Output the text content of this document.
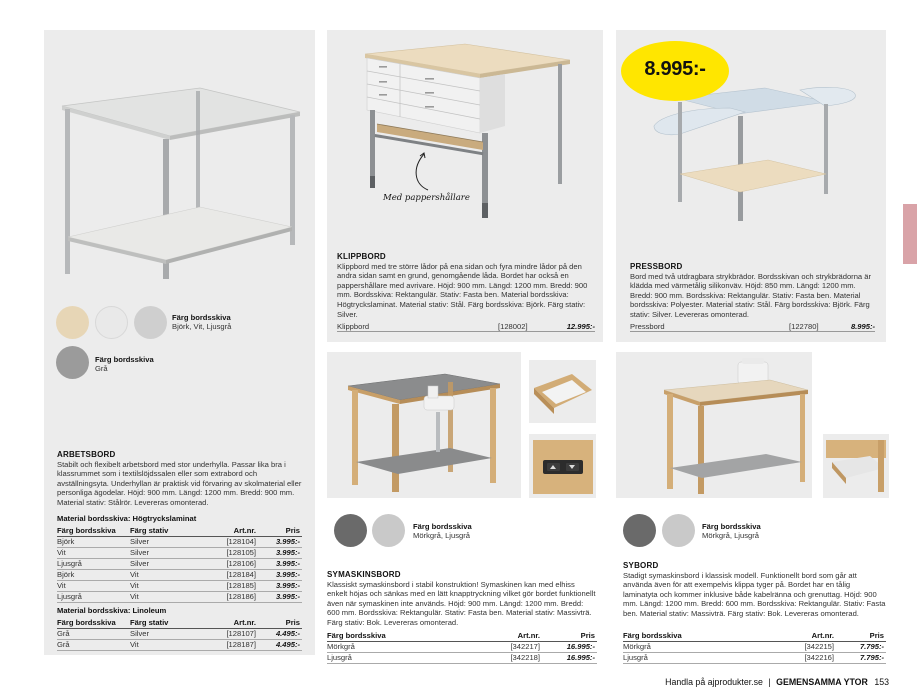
Färg bordsskiva
Björk, Vit, Ljusgrå
Färg bordsskiva
Grå
ARBETSBORD
Stabilt och flexibelt arbetsbord med stor underhylla. Passar lika bra i klassrummet som i textilslöjdssalen eller som extrabord och avställningsyta. Underhyllan är praktisk vid förvaring av skolmaterial eller personliga ägodelar. Höjd: 900 mm. Längd: 1200 mm. Bredd: 900 mm. Material stativ: Stålrör. Levereras omonterad.
Material bordsskiva: Högtryckslaminat
Färg bordsskiva	Färg stativ	Art.nr.	Pris
Björk	Silver	[128104]	3.995:-
Vit	Silver	[128105]	3.995:-
Ljusgrå	Silver	[128106]	3.995:-
Björk	Vit	[128184]	3.995:-
Vit	Vit	[128185]	3.995:-
Ljusgrå	Vit	[128186]	3.995:-
Material bordsskiva: Linoleum
Färg bordsskiva	Färg stativ	Art.nr.	Pris
Grå	Silver	[128107]	4.495:-
Grå	Vit	[128187]	4.495:-
Med pappershållare
KLIPPBORD
Klippbord med tre större lådor på ena sidan och fyra mindre lådor på den andra sidan samt en grund, genomgående låda. Bordet har också en pappershållare med avrivare. Höjd: 900 mm. Längd: 1200 mm. Bredd: 900 mm. Bordsskiva: Rektangulär. Stativ: Fasta ben. Material bordsskiva: Högtryckslaminat. Material stativ: Stål. Färg bordsskiva: Björk. Färg stativ: Silver.
Klippbord	[128002]	12.995:-
8.995:-
PRESSBORD
Bord med två utdragbara strykbrädor. Bordsskivan och strykbrädorna är klädda med värmetålig silikonväv. Höjd: 850 mm. Längd: 1200 mm. Bredd: 900 mm. Bordsskiva: Rektangulär. Stativ: Fasta ben. Material bordsskiva: Polyester. Material stativ: Stål. Färg bordsskiva: Björk. Färg stativ: Silver. Levereras omonterad.
Pressbord	[122780]	8.995:-
Färg bordsskiva
Mörkgrå, Ljusgrå
SYMASKINSBORD
Klassiskt symaskinsbord i stabil konstruktion! Symaskinen kan med elhiss enkelt höjas och sänkas med en lätt knapptryckning vilket gör bordet funktionellt även när symaskinen inte används. Höjd: 900 mm. Längd: 1200 mm. Bredd: 600 mm. Bordsskiva: Rektangulär. Stativ: Fasta ben. Material stativ: Massivträ. Färg stativ: Bok. Levereras omonterad.
Färg bordsskiva	Art.nr.	Pris
Mörkgrå	[342217]	16.995:-
Ljusgrå	[342218]	16.995:-
Färg bordsskiva
Mörkgrå, Ljusgrå
SYBORD
Stadigt symaskinsbord i klassisk modell. Funktionellt bord som går att använda även för att exempelvis klippa tyger på. Bordet har en tålig laminatyta och kommer inklusive både kabelränna och grenuttag. Höjd: 900 mm. Längd: 1200 mm. Bredd: 600 mm. Bordsskiva: Rektangulär. Stativ: Fasta ben. Material stativ: Massivträ. Färg stativ: Bok. Levereras omonterad.
Färg bordsskiva	Art.nr.	Pris
Mörkgrå	[342215]	7.795:-
Ljusgrå	[342216]	7.795:-
Handla på ajprodukter.se | GEMENSAMMA YTOR 153
